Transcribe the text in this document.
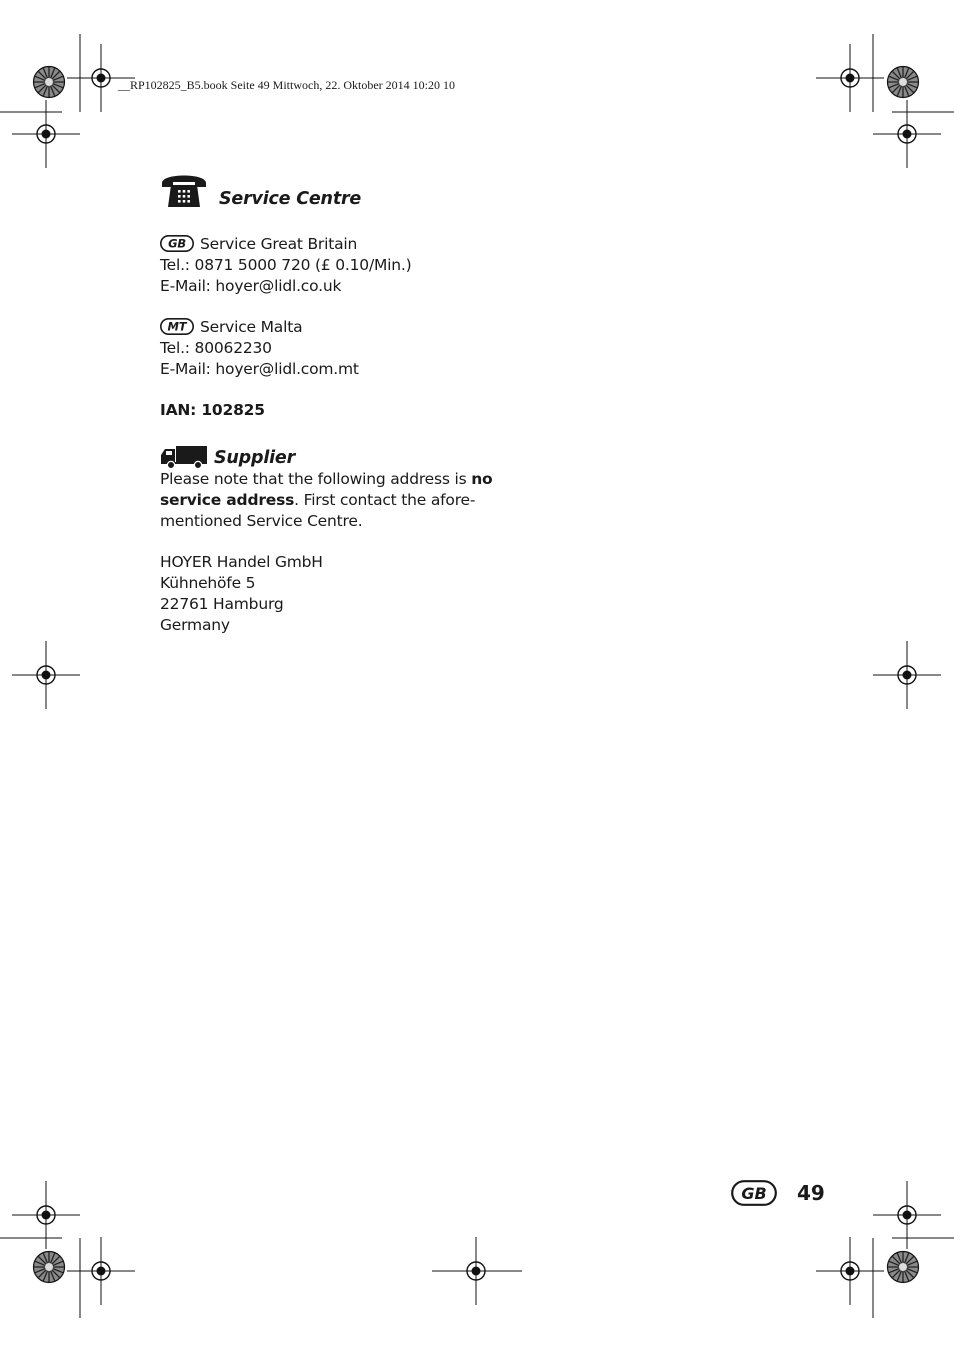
__RP102825_B5.book Seite 49 Mittwoch, 22. Oktober 2014 10:20 10
Service Centre
GB Service Great Britain
Tel.: 0871 5000 720 (£ 0.10/Min.)
E-Mail: hoyer@lidl.co.uk
MT Service Malta
Tel.: 80062230
E-Mail: hoyer@lidl.com.mt
IAN: 102825
Supplier
Please note that the following address is no
service address. First contact the afore-
mentioned Service Centre.
HOYER Handel GmbH
Kühnehöfe 5
22761 Hamburg
Germany
GB 49
